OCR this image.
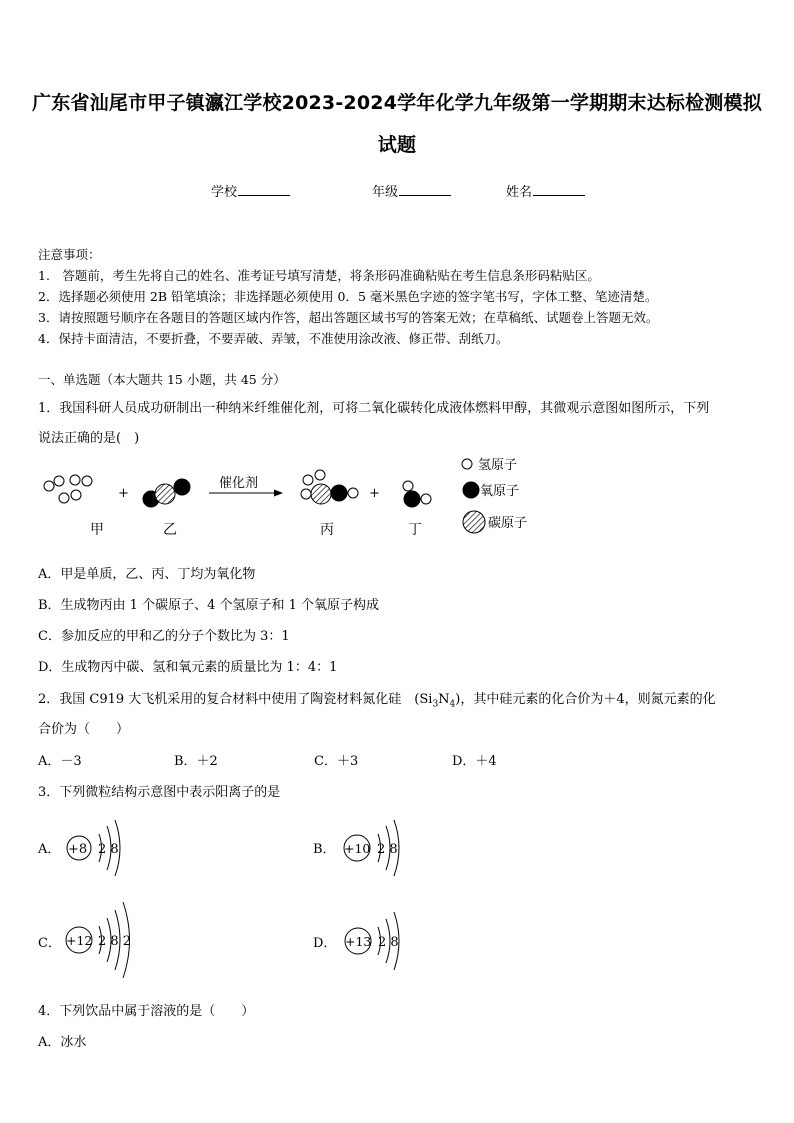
广东省汕尾市甲子镇瀛江学校2023-2024学年化学九年级第一学期期末达标检测模拟
试题
学校	年级	姓名
注意事项：
1.　答题前，考生先将自己的姓名、准考证号填写清楚，将条形码准确粘贴在考生信息条形码粘贴区。
2．选择题必须使用 2B 铅笔填涂；非选择题必须使用 0．5 毫米黑色字迹的签字笔书写，字体工整、笔迹清楚。
3．请按照题号顺序在各题目的答题区域内作答，超出答题区域书写的答案无效；在草稿纸、试题卷上答题无效。
4．保持卡面清洁，不要折叠，不要弄破、弄皱，不准使用涂改液、修正带、刮纸刀。
一、单选题（本大题共 15 小题，共 45 分）
1．我国科研人员成功研制出一种纳米纤维催化剂，可将二氧化碳转化成液体燃料甲醇，其微观示意图如图所示，下列
说法正确的是(　)
甲
+
乙
催化剂
丙
+
丁
氢原子
氧原子
碳原子
A．甲是单质，乙、丙、丁均为氧化物
B．生成物丙由 1 个碳原子、4 个氢原子和 1 个氧原子构成
C．参加反应的甲和乙的分子个数比为 3：1
D．生成物丙中碳、氢和氧元素的质量比为 1：4：1
2．我国 C919 大飞机采用的复合材料中使用了陶瓷材料氮化硅　$(Si_3N_4)$，其中硅元素的化合价为＋4，则氮元素的化
合价为（　　）
A．－3	B．＋2	C．＋3	D．＋4
3．下列微粒结构示意图中表示阳离子的是
A． +8 2 8	B． +10 2 8
C． +12 2 8 2	D． +13 2 8
4．下列饮品中属于溶液的是（　　）
A．冰水
